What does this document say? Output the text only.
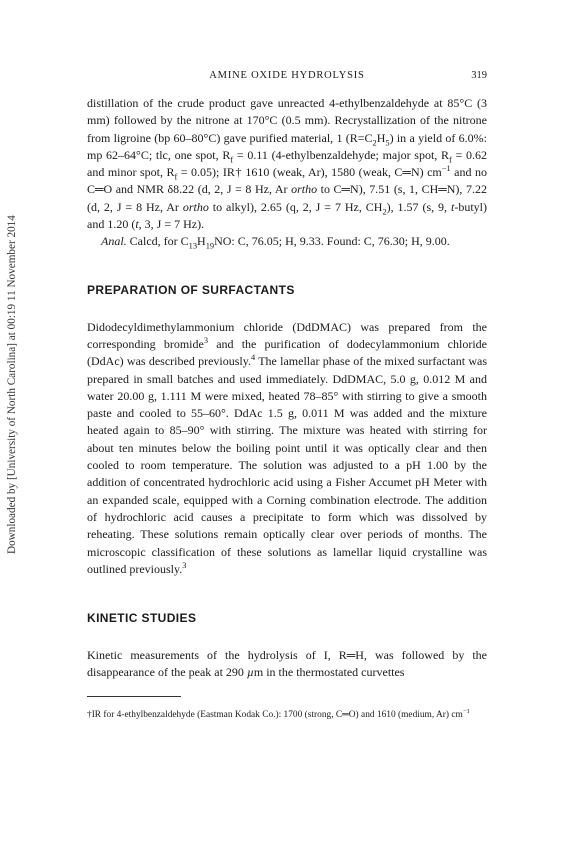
Downloaded by [University of North Carolina] at 00:19 11 November 2014
AMINE OXIDE HYDROLYSIS	319

distillation of the crude product gave unreacted 4-ethylbenzaldehyde at 85°C (3 mm) followed by the nitrone at 170°C (0.5 mm). Recrystallization of the nitrone from ligroine (bp 60–80°C) gave purified material, 1 $(R=C_2H_5)$ in a yield of 6.0%: mp 62–64°C; tlc, one spot, $R_f = 0.11$ (4-ethylbenzaldehyde; major spot, $R_f = 0.62$ and minor spot, $R_f = 0.05$); IR† 1610 (weak, Ar), 1580 (weak, C═N) $cm^{-1}$ and no C═O and NMR δ8.22 (d, 2, J = 8 Hz, Ar ortho to C═N), 7.51 (s, 1, CH═N), 7.22 (d, 2, J = 8 Hz, Ar ortho to alkyl), 2.65 (q, 2, J = 7 Hz, $CH_2$), 1.57 (s, 9, t-butyl) and 1.20 (t, 3, J = 7 Hz).

Anal. Calcd, for $C_{13}H_{19}NO$: C, 76.05; H, 9.33. Found: C, 76.30; H, 9.00.

PREPARATION OF SURFACTANTS

Didodecyldimethylammonium chloride (DdDMAC) was prepared from the corresponding bromide$^3$ and the purification of dodecylammonium chloride (DdAc) was described previously.$^4$ The lamellar phase of the mixed surfactant was prepared in small batches and used immediately. DdDMAC, 5.0 g, 0.012 M and water 20.00 g, 1.111 M were mixed, heated 78–85° with stirring to give a smooth paste and cooled to 55–60°. DdAc 1.5 g, 0.011 M was added and the mixture heated again to 85–90° with stirring. The mixture was heated with stirring for about ten minutes below the boiling point until it was optically clear and then cooled to room temperature. The solution was adjusted to a pH 1.00 by the addition of concentrated hydrochloric acid using a Fisher Accumet pH Meter with an expanded scale, equipped with a Corning combination electrode. The addition of hydrochloric acid causes a precipitate to form which was dissolved by reheating. These solutions remain optically clear over periods of months. The microscopic classification of these solutions as lamellar liquid crystalline was outlined previously.$^3$

KINETIC STUDIES

Kinetic measurements of the hydrolysis of I, R═H, was followed by the disappearance of the peak at 290 µm in the thermostated curvettes

†IR for 4-ethylbenzaldehyde (Eastman Kodak Co.): 1700 (strong, C═O) and 1610 (medium, Ar) $cm^{-1}$
